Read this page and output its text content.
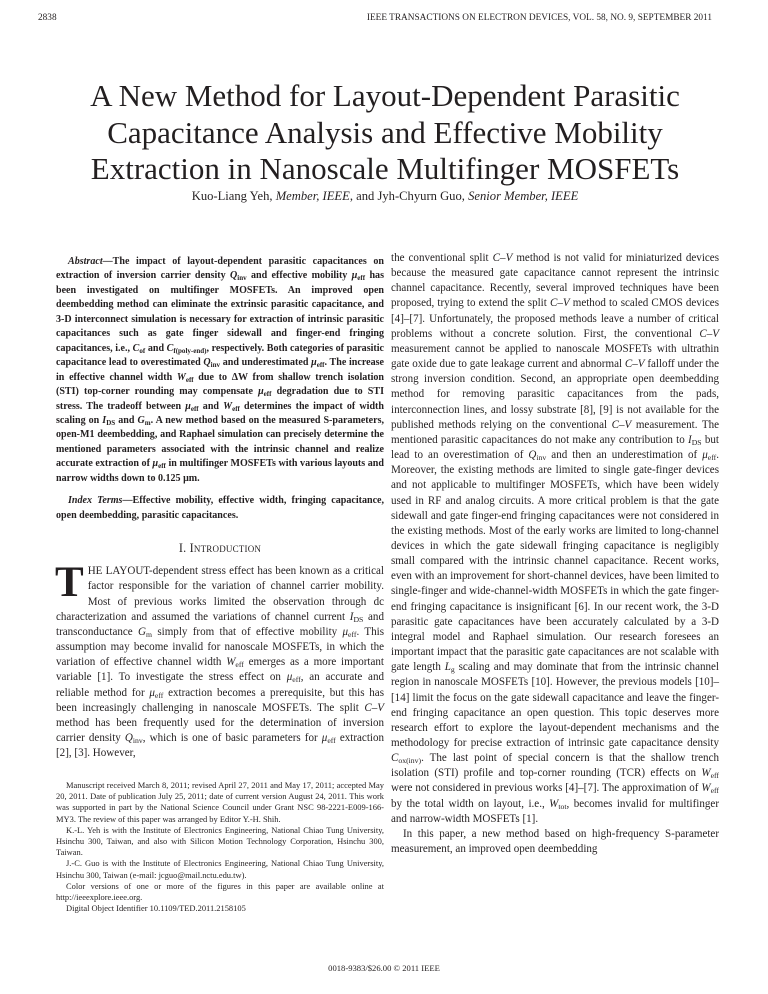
2838	IEEE TRANSACTIONS ON ELECTRON DEVICES, VOL. 58, NO. 9, SEPTEMBER 2011
A New Method for Layout-Dependent Parasitic
Capacitance Analysis and Effective Mobility
Extraction in Nanoscale Multifinger MOSFETs
Kuo-Liang Yeh, Member, IEEE, and Jyh-Chyurn Guo, Senior Member, IEEE

Abstract—The impact of layout-dependent parasitic capacitances on extraction of inversion carrier density $Q_{inv}$ and effective mobility $\mu_{eff}$ has been investigated on multifinger MOSFETs. An improved open deembedding method can eliminate the extrinsic parasitic capacitance, and 3-D interconnect simulation is necessary for extraction of intrinsic parasitic capacitances such as gate finger sidewall and finger-end fringing capacitances, i.e., $C_{of}$ and $C_{f(poly-end)}$, respectively. Both categories of parasitic capacitance lead to overestimated $Q_{inv}$ and underestimated $\mu_{eff}$. The increase in effective channel width $W_{eff}$ due to ΔW from shallow trench isolation (STI) top-corner rounding may compensate $\mu_{eff}$ degradation due to STI stress. The tradeoff between $\mu_{eff}$ and $W_{eff}$ determines the impact of width scaling on $I_{DS}$ and $G_m$. A new method based on the measured S-parameters, open-M1 deembedding, and Raphael simulation can precisely determine the mentioned parameters associated with the intrinsic channel and realize accurate extraction of $\mu_{eff}$ in multifinger MOSFETs with various layouts and narrow widths down to 0.125 μm.

Index Terms—Effective mobility, effective width, fringing capacitance, open deembedding, parasitic capacitances.

I. Introduction

THE LAYOUT-dependent stress effect has been known as a critical factor responsible for the variation of channel carrier mobility. Most of previous works limited the observation through dc characterization and assumed the variations of channel current $I_{DS}$ and transconductance $G_m$ simply from that of effective mobility $\mu_{eff}$. This assumption may become invalid for nanoscale MOSFETs, in which the variation of effective channel width $W_{eff}$ emerges as a more important variable [1]. To investigate the stress effect on $\mu_{eff}$, an accurate and reliable method for $\mu_{eff}$ extraction becomes a prerequisite, but this has been increasingly challenging in nanoscale MOSFETs. The split C–V method has been frequently used for the determination of inversion carrier density $Q_{inv}$, which is one of basic parameters for $\mu_{eff}$ extraction [2], [3]. However,

Manuscript received March 8, 2011; revised April 27, 2011 and May 17, 2011; accepted May 20, 2011. Date of publication July 25, 2011; date of current version August 24, 2011. This work was supported in part by the National Science Council under Grant NSC 98-2221-E009-166-MY3. The review of this paper was arranged by Editor Y.-H. Shih.

K.-L. Yeh is with the Institute of Electronics Engineering, National Chiao Tung University, Hsinchu 300, Taiwan, and also with Silicon Motion Technology Corporation, Hsinchu 300, Taiwan.

J.-C. Guo is with the Institute of Electronics Engineering, National Chiao Tung University, Hsinchu 300, Taiwan (e-mail: jcguo@mail.nctu.edu.tw).

Color versions of one or more of the figures in this paper are available online at http://ieeexplore.ieee.org.

Digital Object Identifier 10.1109/TED.2011.2158105

the conventional split C–V method is not valid for miniaturized devices because the measured gate capacitance cannot represent the intrinsic channel capacitance. Recently, several improved techniques have been proposed, trying to extend the split C–V method to scaled CMOS devices [4]–[7]. Unfortunately, the proposed methods leave a number of critical problems without a concrete solution. First, the conventional C–V measurement cannot be applied to nanoscale MOSFETs with ultrathin gate oxide due to gate leakage current and abnormal C–V falloff under the strong inversion condition. Second, an appropriate open deembedding method for removing parasitic capacitances from the pads, interconnection lines, and lossy substrate [8], [9] is not available for the published methods relying on the conventional C–V measurement. The mentioned parasitic capacitances do not make any contribution to $I_{DS}$ but lead to an overestimation of $Q_{inv}$ and then an underestimation of $\mu_{eff}$. Moreover, the existing methods are limited to single gate-finger devices and not applicable to multifinger MOSFETs, which have been widely used in RF and analog circuits. A more critical problem is that the gate sidewall and gate finger-end fringing capacitances were not considered in the existing methods. Most of the early works are limited to long-channel devices in which the gate sidewall fringing capacitance is negligibly small compared with the intrinsic channel capacitance. Recent works, even with an improvement for short-channel devices, have been limited to single-finger and wide-channel-width MOSFETs in which the gate finger-end fringing capacitance is insignificant [6]. In our recent work, the 3-D parasitic gate capacitances have been accurately calculated by a 3-D integral model and Raphael simulation. Our research foresees an important impact that the parasitic gate capacitances are not scalable with gate length $L_g$ scaling and may dominate that from the intrinsic channel region in nanoscale MOSFETs [10]. However, the previous models [10]–[14] limit the focus on the gate sidewall capacitance and leave the finger-end fringing capacitance an open question. This topic deserves more research effort to explore the layout-dependent mechanisms and the methodology for precise extraction of intrinsic gate capacitance density $C_{ox(inv)}$. The last point of special concern is that the shallow trench isolation (STI) profile and top-corner rounding (TCR) effects on $W_{eff}$ were not considered in previous works [4]–[7]. The approximation of $W_{eff}$ by the total width on layout, i.e., $W_{tot}$, becomes invalid for multifinger and narrow-width MOSFETs [1].

In this paper, a new method based on high-frequency S-parameter measurement, an improved open deembedding

0018-9383/$26.00 © 2011 IEEE
